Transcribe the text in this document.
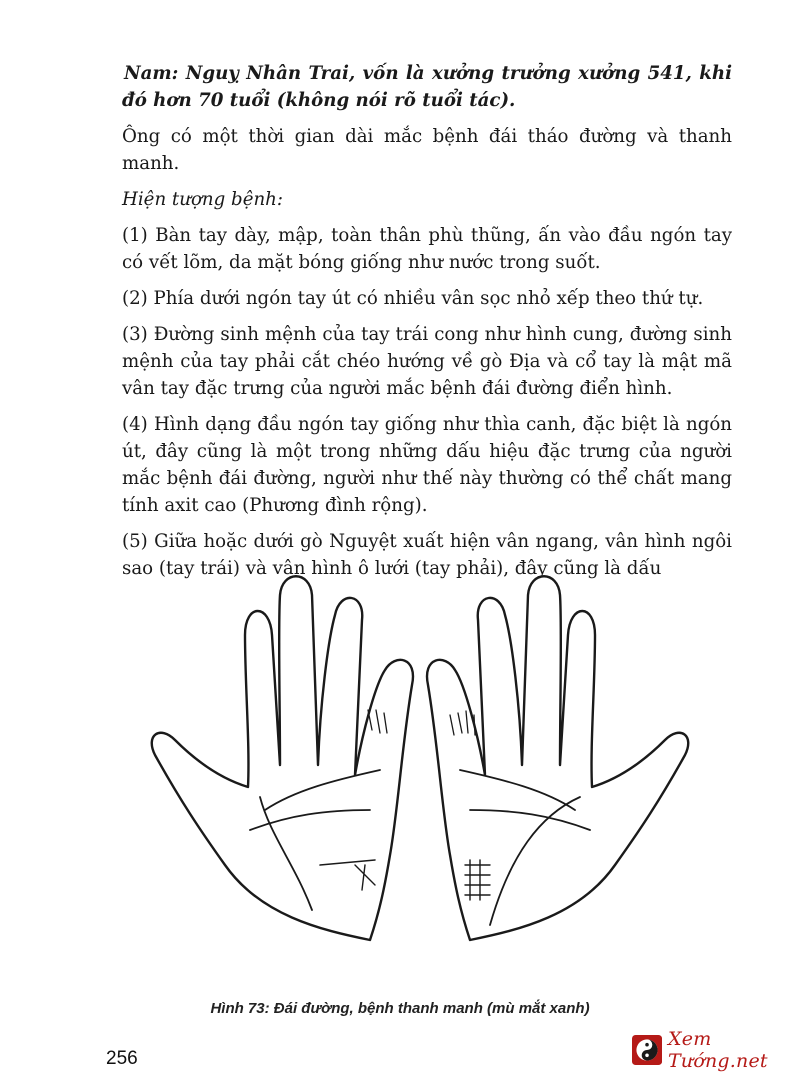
Nam: Nguỵ Nhân Trai, vốn là xưởng trưởng xưởng 541, khi đó hơn 70 tuổi (không nói rõ tuổi tác).

Ông có một thời gian dài mắc bệnh đái tháo đường và thanh manh.

Hiện tượng bệnh:

(1) Bàn tay dày, mập, toàn thân phù thũng, ấn vào đầu ngón tay có vết lõm, da mặt bóng giống như nước trong suốt.

(2) Phía dưới ngón tay út có nhiều vân sọc nhỏ xếp theo thứ tự.

(3) Đường sinh mệnh của tay trái cong như hình cung, đường sinh mệnh của tay phải cắt chéo hướng về gò Địa và cổ tay là mật mã vân tay đặc trưng của người mắc bệnh đái đường điển hình.

(4) Hình dạng đầu ngón tay giống như thìa canh, đặc biệt là ngón út, đây cũng là một trong những dấu hiệu đặc trưng của người mắc bệnh đái đường, người như thế này thường có thể chất mang tính axit cao (Phương đình rộng).

(5) Giữa hoặc dưới gò Nguyệt xuất hiện vân ngang, vân hình ngôi sao (tay trái) và vân hình ô lưới (tay phải), đây cũng là dấu

Hình 73: Đái đường, bệnh thanh manh (mù mắt xanh)
256
Xem Tướng.net
